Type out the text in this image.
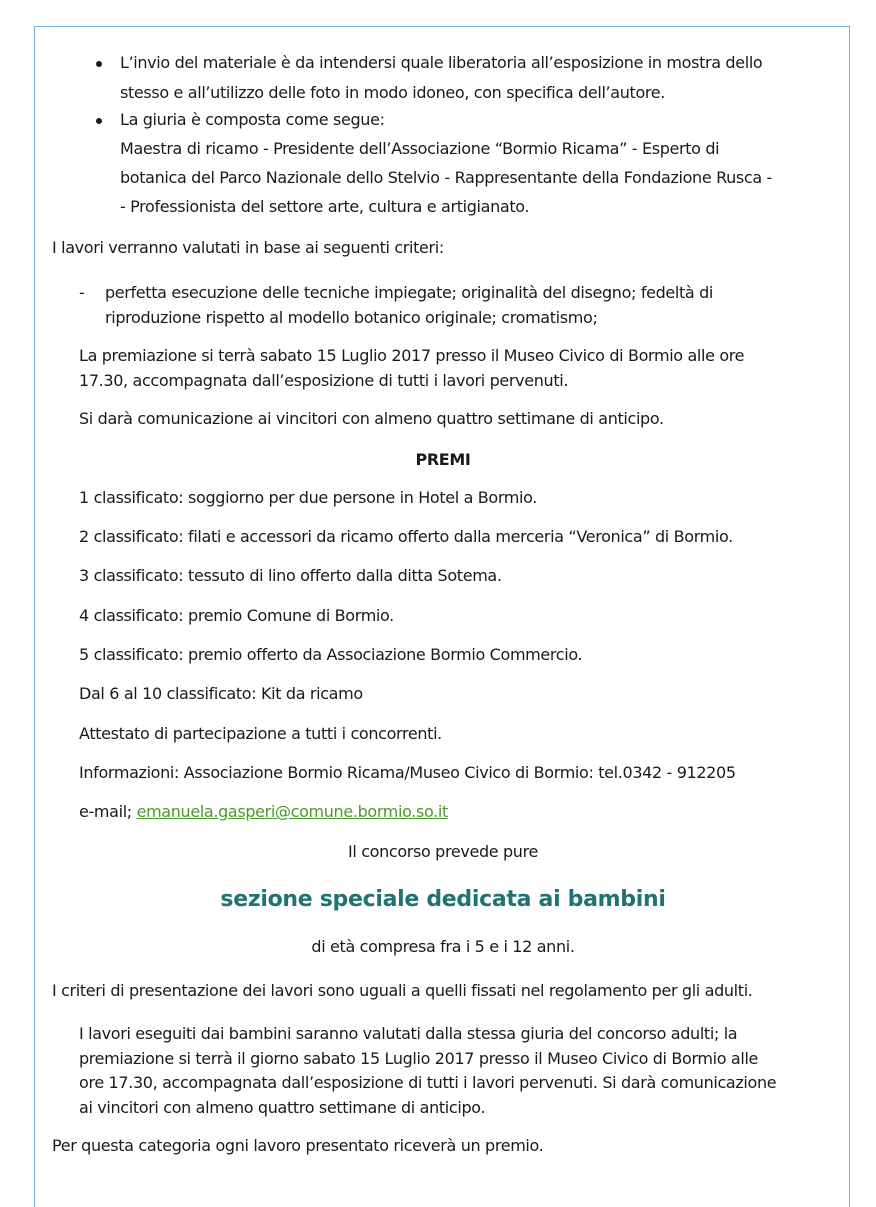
L’invio del materiale è da intendersi quale liberatoria all’esposizione in mostra dello
stesso e all’utilizzo delle foto in modo idoneo, con specifica dell’autore.
La giuria è composta come segue:
Maestra di ricamo - Presidente dell’Associazione “Bormio Ricama” - Esperto di
botanica del Parco Nazionale dello Stelvio - Rappresentante della Fondazione Rusca -
- Professionista del settore arte, cultura e artigianato.
I lavori verranno valutati in base ai seguenti criteri:
- perfetta esecuzione delle tecniche impiegate; originalità del disegno; fedeltà di
riproduzione rispetto al modello botanico originale; cromatismo;
La premiazione si terrà sabato 15 Luglio 2017 presso il Museo Civico di Bormio alle ore
17.30, accompagnata dall’esposizione di tutti i lavori pervenuti.
Si darà comunicazione ai vincitori con almeno quattro settimane di anticipo.
PREMI
1 classificato: soggiorno per due persone in Hotel a Bormio.
2 classificato: filati e accessori da ricamo offerto dalla merceria “Veronica” di Bormio.
3 classificato: tessuto di lino offerto dalla ditta Sotema.
4 classificato: premio Comune di Bormio.
5 classificato: premio offerto da Associazione Bormio Commercio.
Dal 6 al 10 classificato: Kit da ricamo
Attestato di partecipazione a tutti i concorrenti.
Informazioni: Associazione Bormio Ricama/Museo Civico di Bormio: tel.0342 - 912205
e-mail; emanuela.gasperi@comune.bormio.so.it
Il concorso prevede pure
sezione speciale dedicata ai bambini
di età compresa fra i 5 e i 12 anni.
I criteri di presentazione dei lavori sono uguali a quelli fissati nel regolamento per gli adulti.
I lavori eseguiti dai bambini saranno valutati dalla stessa giuria del concorso adulti; la
premiazione si terrà il giorno sabato 15 Luglio 2017 presso il Museo Civico di Bormio alle
ore 17.30, accompagnata dall’esposizione di tutti i lavori pervenuti. Si darà comunicazione
ai vincitori con almeno quattro settimane di anticipo.
Per questa categoria ogni lavoro presentato riceverà un premio.
